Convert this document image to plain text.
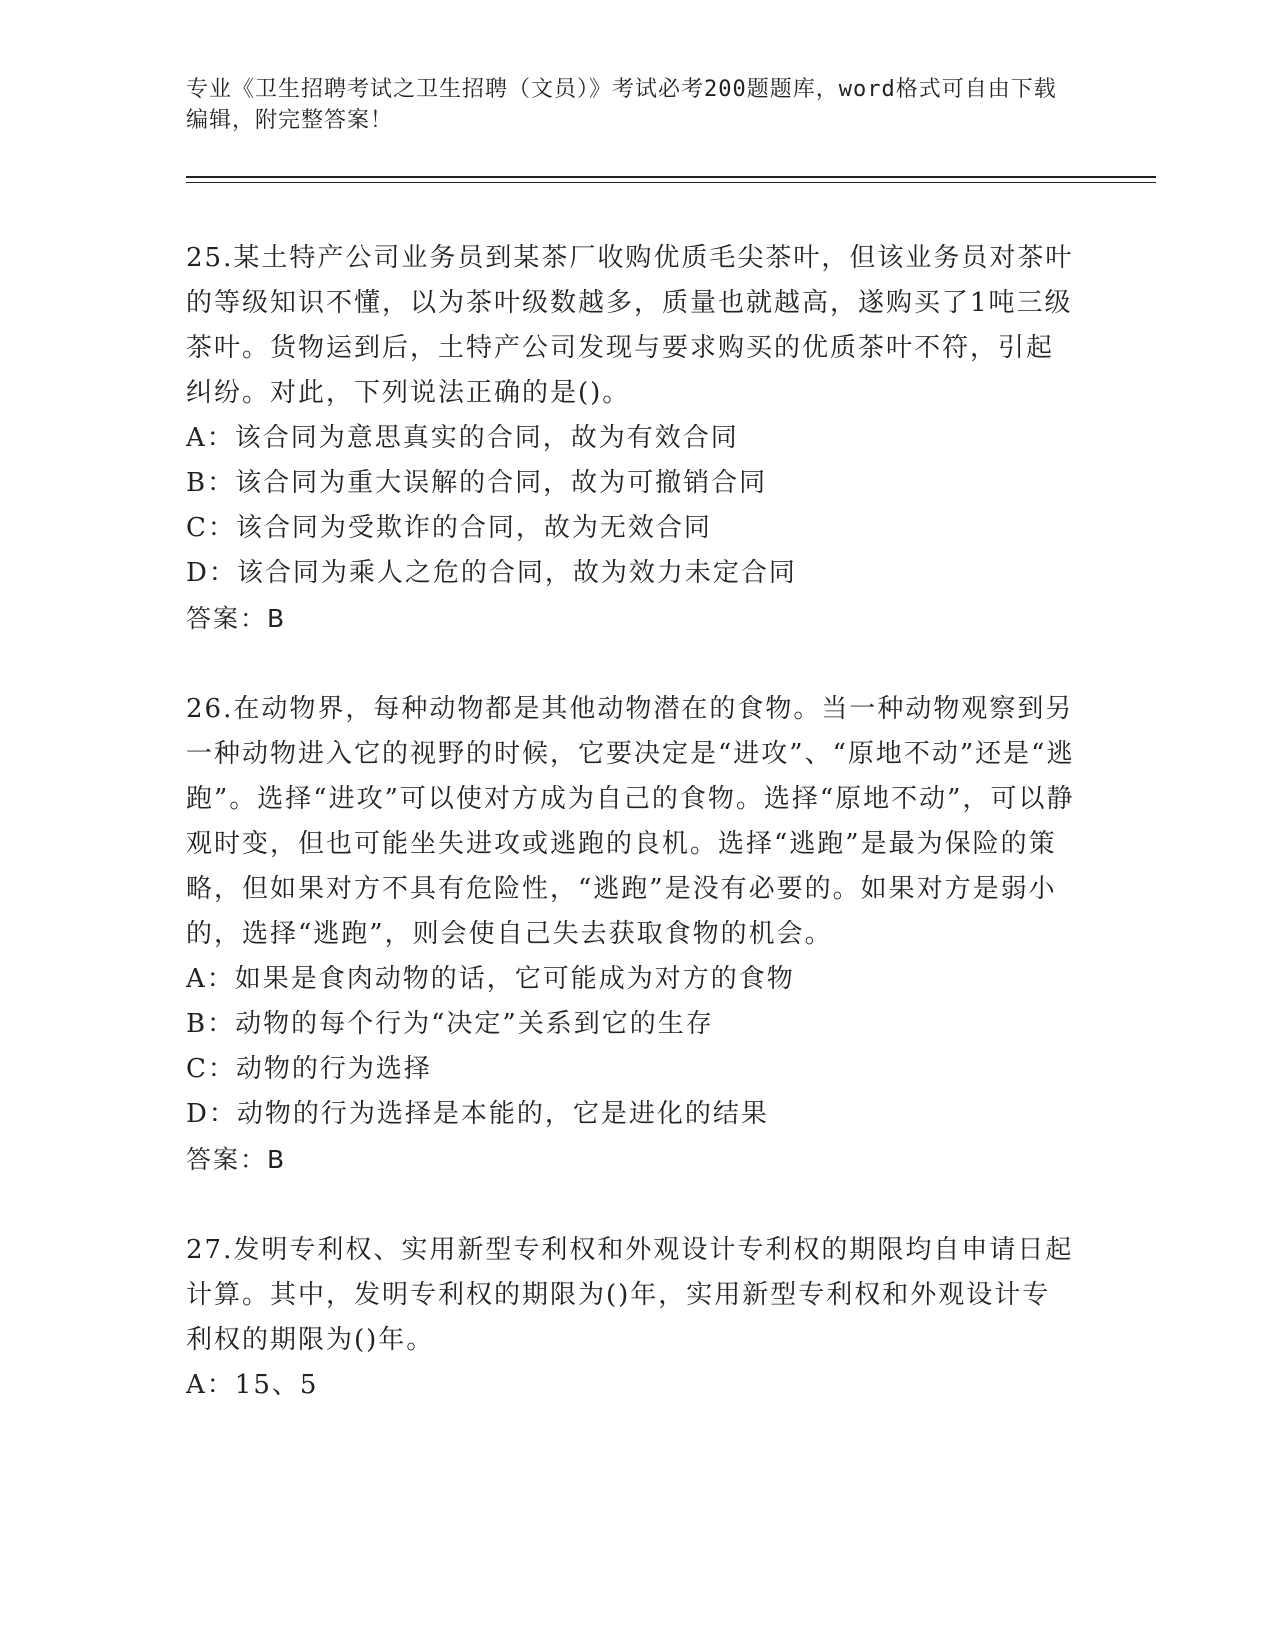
专业《卫生招聘考试之卫生招聘（文员）》考试必考200题题库，word格式可自由下载编辑，附完整答案！

25.某土特产公司业务员到某茶厂收购优质毛尖茶叶，但该业务员对茶叶的等级知识不懂，以为茶叶级数越多，质量也就越高，遂购买了1吨三级茶叶。货物运到后，土特产公司发现与要求购买的优质茶叶不符，引起纠纷。对此，下列说法正确的是()。

A：该合同为意思真实的合同，故为有效合同

B：该合同为重大误解的合同，故为可撤销合同

C：该合同为受欺诈的合同，故为无效合同

D：该合同为乘人之危的合同，故为效力未定合同

答案：B

26.在动物界，每种动物都是其他动物潜在的食物。当一种动物观察到另一种动物进入它的视野的时候，它要决定是“进攻”、“原地不动”还是“逃跑”。选择“进攻”可以使对方成为自己的食物。选择“原地不动”，可以静观时变，但也可能坐失进攻或逃跑的良机。选择“逃跑”是最为保险的策略，但如果对方不具有危险性，“逃跑”是没有必要的。如果对方是弱小的，选择“逃跑”，则会使自己失去获取食物的机会。

A：如果是食肉动物的话，它可能成为对方的食物

B：动物的每个行为“决定”关系到它的生存

C：动物的行为选择

D：动物的行为选择是本能的，它是进化的结果

答案：B

27.发明专利权、实用新型专利权和外观设计专利权的期限均自申请日起计算。其中，发明专利权的期限为()年，实用新型专利权和外观设计专利权的期限为()年。

A：15、5
